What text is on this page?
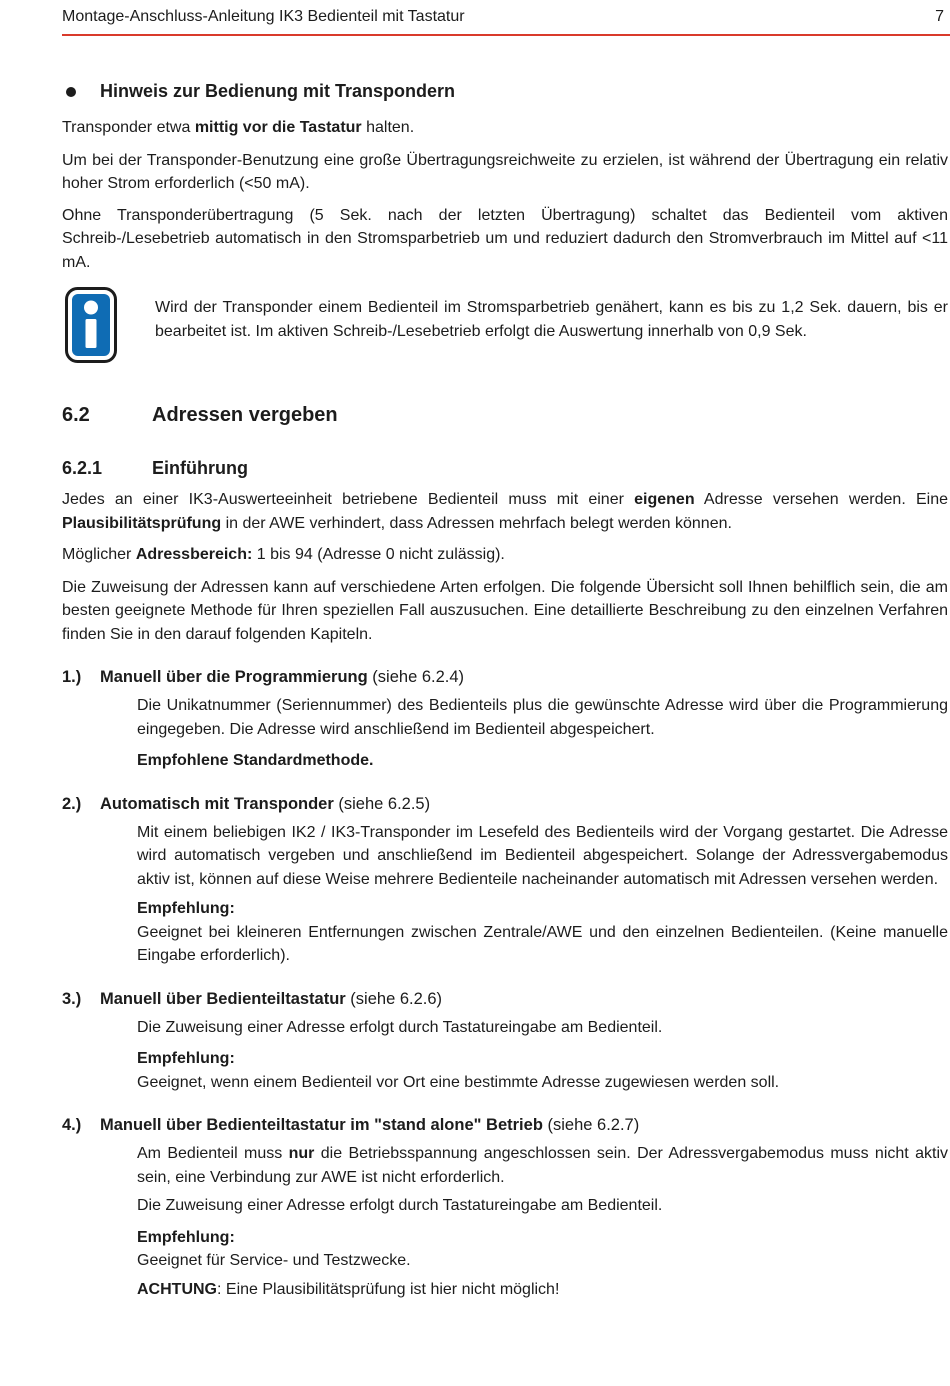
Montage-Anschluss-Anleitung IK3 Bedienteil mit Tastatur	7
Hinweis zur Bedienung mit Transpondern

Transponder etwa mittig vor die Tastatur halten.

Um bei der Transponder-Benutzung eine große Übertragungsreichweite zu erzielen, ist während der Übertragung ein relativ hoher Strom erforderlich (<50 mA).

Ohne Transponderübertragung (5 Sek. nach der letzten Übertragung) schaltet das Bedienteil vom aktiven Schreib-/Lesebetrieb automatisch in den Stromsparbetrieb um und reduziert dadurch den Stromverbrauch im Mittel auf <11 mA.

Wird der Transponder einem Bedienteil im Stromsparbetrieb genähert, kann es bis zu 1,2 Sek. dauern, bis er bearbeitet ist. Im aktiven Schreib-/Lesebetrieb erfolgt die Auswertung innerhalb von 0,9 Sek.

6.2	Adressen vergeben
6.2.1	Einführung

Jedes an einer IK3-Auswerteeinheit betriebene Bedienteil muss mit einer eigenen Adresse versehen werden. Eine Plausibilitätsprüfung in der AWE verhindert, dass Adressen mehrfach belegt werden können.

Möglicher Adressbereich: 1 bis 94 (Adresse 0 nicht zulässig).

Die Zuweisung der Adressen kann auf verschiedene Arten erfolgen. Die folgende Übersicht soll Ihnen behilflich sein, die am besten geeignete Methode für Ihren speziellen Fall auszusuchen. Eine detaillierte Beschreibung zu den einzelnen Verfahren finden Sie in den darauf folgenden Kapiteln.

1.)	Manuell über die Programmierung (siehe 6.2.4)

Die Unikatnummer (Seriennummer) des Bedienteils plus die gewünschte Adresse wird über die Programmierung eingegeben. Die Adresse wird anschließend im Bedienteil abgespeichert.

Empfohlene Standardmethode.

2.)	Automatisch mit Transponder (siehe 6.2.5)

Mit einem beliebigen IK2 / IK3-Transponder im Lesefeld des Bedienteils wird der Vorgang gestartet. Die Adresse wird automatisch vergeben und anschließend im Bedienteil abgespeichert. Solange der Adressvergabemodus aktiv ist, können auf diese Weise mehrere Bedienteile nacheinander automatisch mit Adressen versehen werden.

Empfehlung:

Geeignet bei kleineren Entfernungen zwischen Zentrale/AWE und den einzelnen Bedienteilen. (Keine manuelle Eingabe erforderlich).

3.)	Manuell über Bedienteiltastatur (siehe 6.2.6)

Die Zuweisung einer Adresse erfolgt durch Tastatureingabe am Bedienteil.

Empfehlung:

Geeignet, wenn einem Bedienteil vor Ort eine bestimmte Adresse zugewiesen werden soll.

4.)	Manuell über Bedienteiltastatur im "stand alone" Betrieb (siehe 6.2.7)

Am Bedienteil muss nur die Betriebsspannung angeschlossen sein. Der Adressvergabemodus muss nicht aktiv sein, eine Verbindung zur AWE ist nicht erforderlich.

Die Zuweisung einer Adresse erfolgt durch Tastatureingabe am Bedienteil.

Empfehlung:

Geeignet für Service- und Testzwecke.

ACHTUNG: Eine Plausibilitätsprüfung ist hier nicht möglich!
